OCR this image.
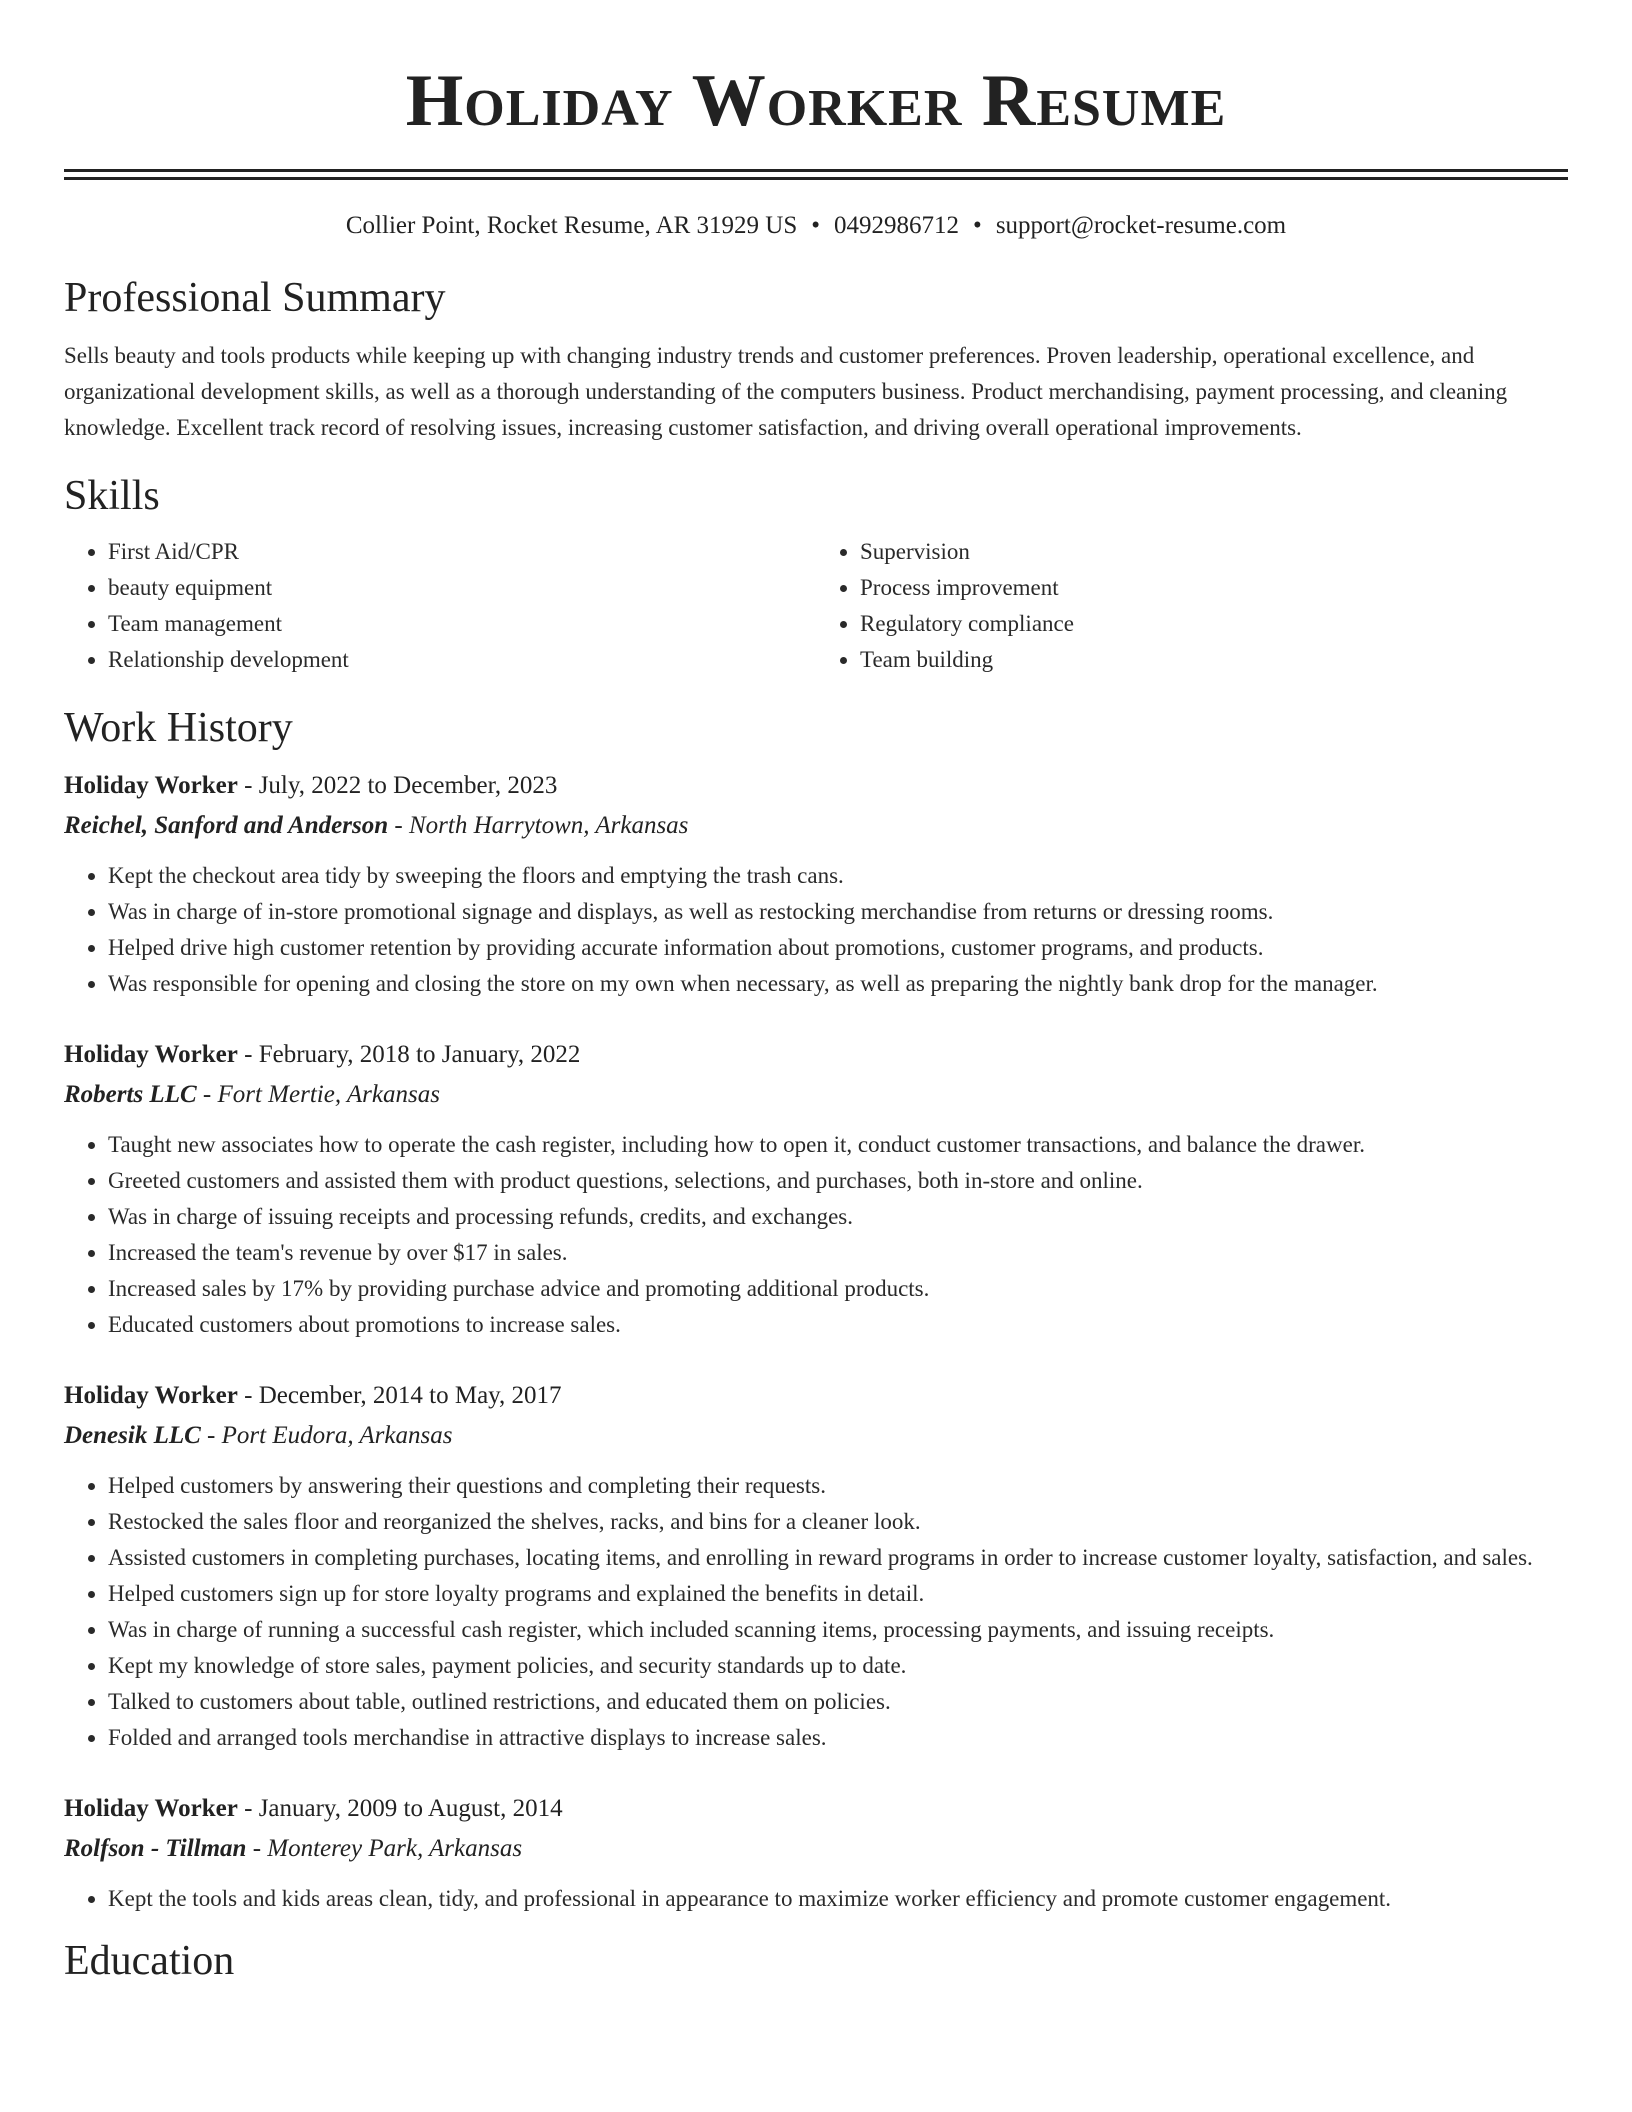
Holiday Worker Resume
Collier Point, Rocket Resume, AR 31929 US • 0492986712 • support@rocket-resume.com
Professional Summary

Sells beauty and tools products while keeping up with changing industry trends and customer preferences. Proven leadership, operational excellence, and organizational development skills, as well as a thorough understanding of the computers business. Product merchandising, payment processing, and cleaning knowledge. Excellent track record of resolving issues, increasing customer satisfaction, and driving overall operational improvements.

Skills
• First Aid/CPR
• beauty equipment
• Team management
• Relationship development
• Supervision
• Process improvement
• Regulatory compliance
• Team building
Work History
Holiday Worker - July, 2022 to December, 2023
Reichel, Sanford and Anderson - North Harrytown, Arkansas
• Kept the checkout area tidy by sweeping the floors and emptying the trash cans.
• Was in charge of in-store promotional signage and displays, as well as restocking merchandise from returns or dressing rooms.
• Helped drive high customer retention by providing accurate information about promotions, customer programs, and products.
• Was responsible for opening and closing the store on my own when necessary, as well as preparing the nightly bank drop for the manager.
Holiday Worker - February, 2018 to January, 2022
Roberts LLC - Fort Mertie, Arkansas
• Taught new associates how to operate the cash register, including how to open it, conduct customer transactions, and balance the drawer.
• Greeted customers and assisted them with product questions, selections, and purchases, both in-store and online.
• Was in charge of issuing receipts and processing refunds, credits, and exchanges.
• Increased the team's revenue by over $17 in sales.
• Increased sales by 17% by providing purchase advice and promoting additional products.
• Educated customers about promotions to increase sales.
Holiday Worker - December, 2014 to May, 2017
Denesik LLC - Port Eudora, Arkansas
• Helped customers by answering their questions and completing their requests.
• Restocked the sales floor and reorganized the shelves, racks, and bins for a cleaner look.
• Assisted customers in completing purchases, locating items, and enrolling in reward programs in order to increase customer loyalty, satisfaction, and sales.
• Helped customers sign up for store loyalty programs and explained the benefits in detail.
• Was in charge of running a successful cash register, which included scanning items, processing payments, and issuing receipts.
• Kept my knowledge of store sales, payment policies, and security standards up to date.
• Talked to customers about table, outlined restrictions, and educated them on policies.
• Folded and arranged tools merchandise in attractive displays to increase sales.
Holiday Worker - January, 2009 to August, 2014
Rolfson - Tillman - Monterey Park, Arkansas
• Kept the tools and kids areas clean, tidy, and professional in appearance to maximize worker efficiency and promote customer engagement.
Education
